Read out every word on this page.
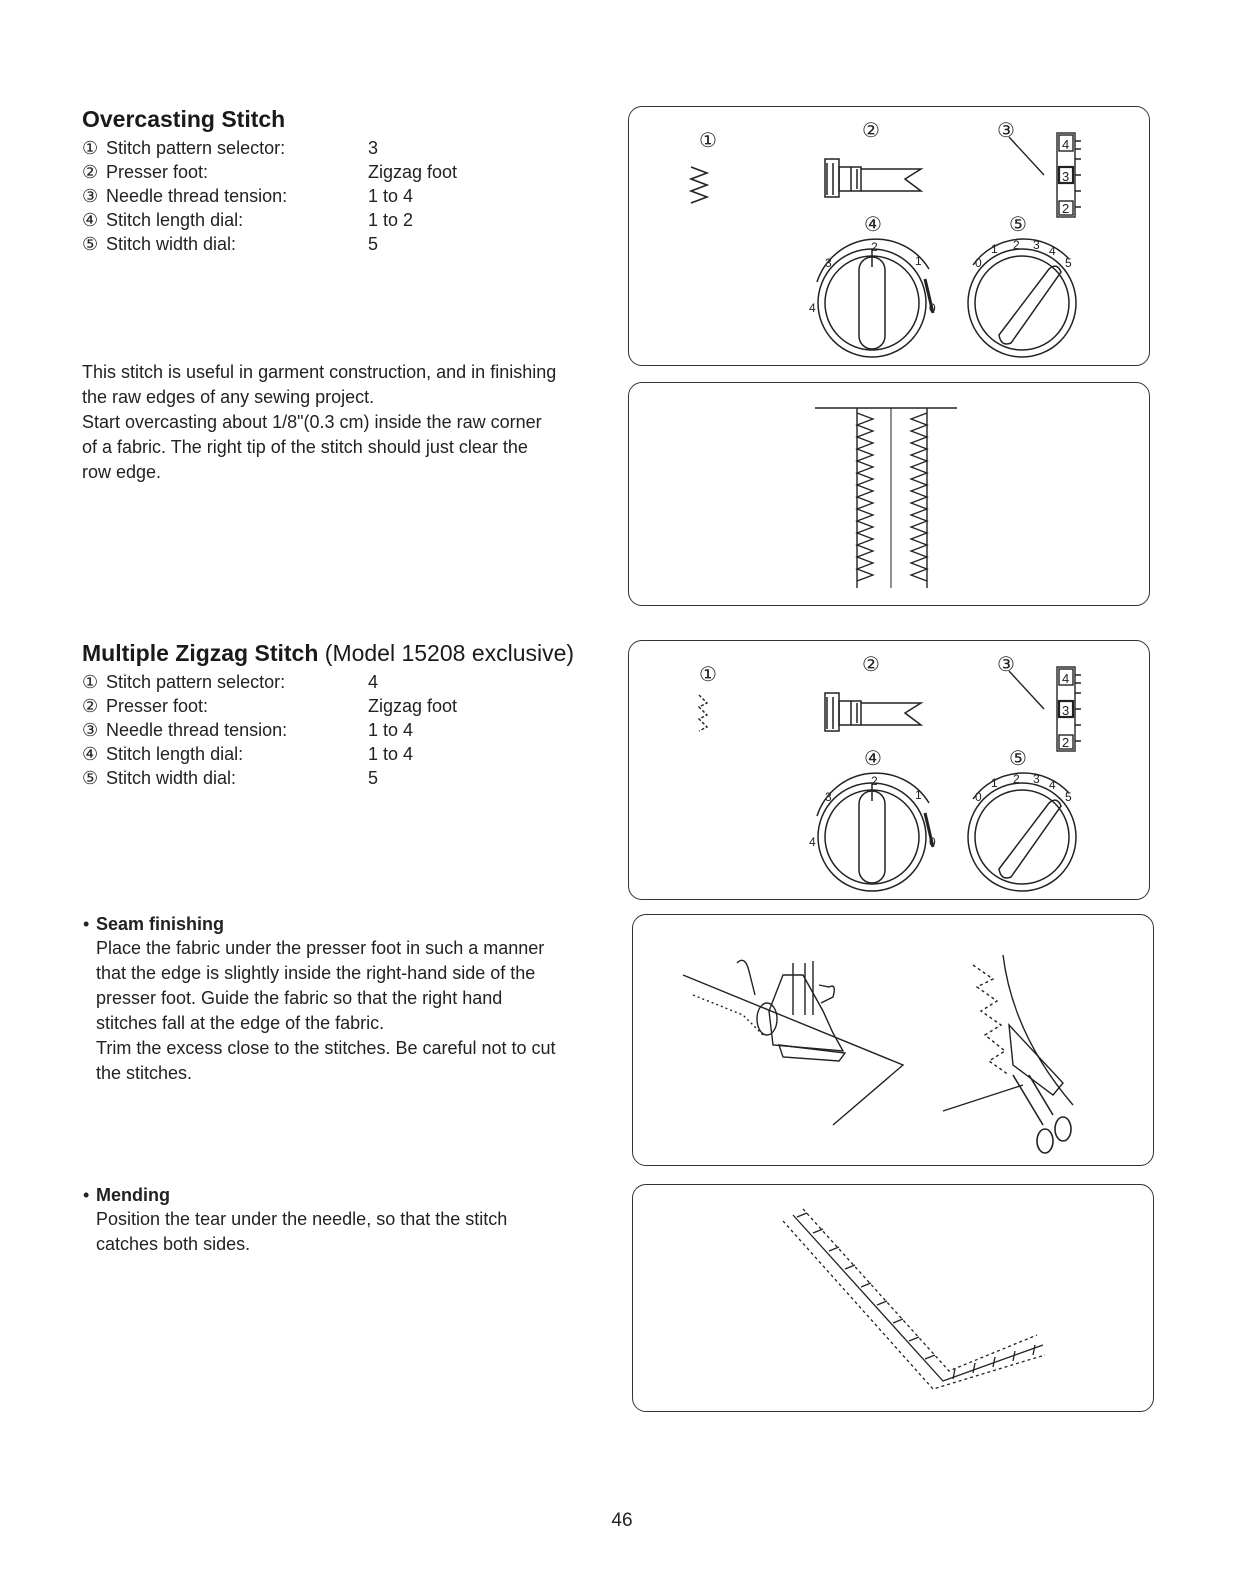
Overcasting Stitch
① Stitch pattern selector:	3
② Presser foot:	Zigzag foot
③ Needle thread tension:	1 to 4
④ Stitch length dial:	1 to 2
⑤ Stitch width dial:	5
This stitch is useful in garment construction, and in finishing
the raw edges of any sewing project.
Start overcasting about 1/8"(0.3 cm) inside the raw corner
of a fabric. The right tip of the stitch should just clear the
row edge.
Multiple Zigzag Stitch (Model 15208 exclusive)
① Stitch pattern selector:	4
② Presser foot:	Zigzag foot
③ Needle thread tension:	1 to 4
④ Stitch length dial:	1 to 4
⑤ Stitch width dial:	5
• Seam finishing
Place the fabric under the presser foot in such a manner
that the edge is slightly inside the right-hand side of the
presser foot. Guide the fabric so that the right hand
stitches fall at the edge of the fabric.
Trim the excess close to the stitches. Be careful not to cut
the stitches.
• Mending
Position the tear under the needle, so that the stitch
catches both sides.
①	②	③
④	⑤
4
3
2
0
1
2
3
4
0
1 2 3 4
5
①	②	③
④	⑤
4
3
2
0
1
2
3
4
0
1 2 3 4
5
46
